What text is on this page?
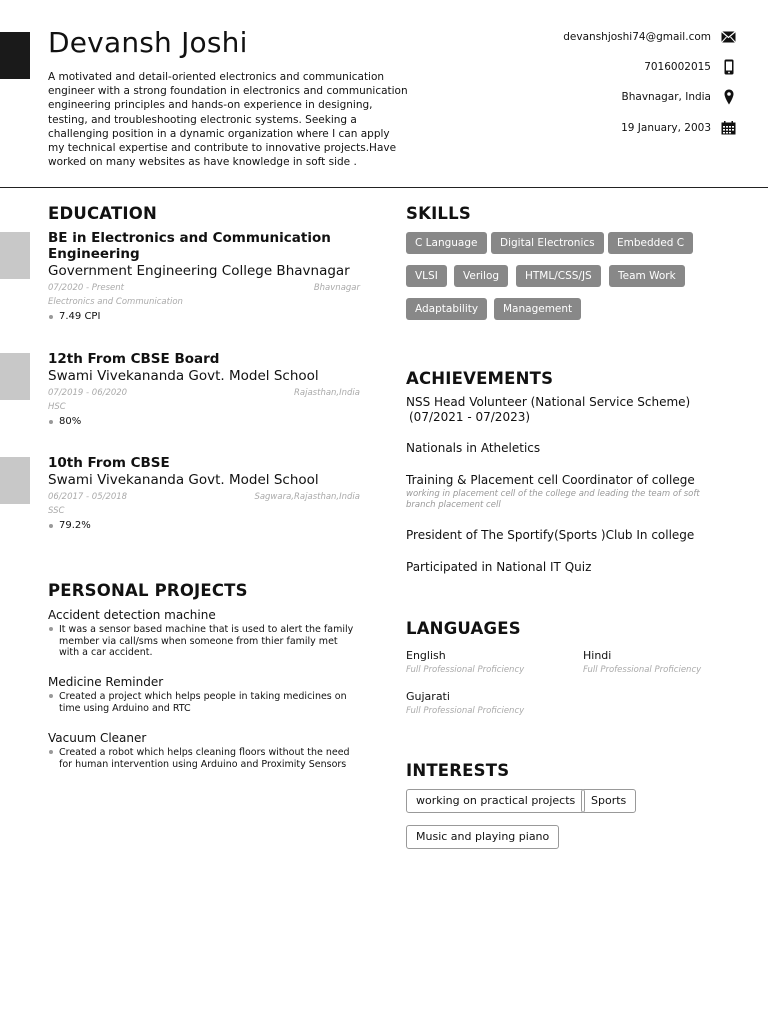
Devansh Joshi
A motivated and detail-oriented electronics and communication engineer with a strong foundation in electronics and communication engineering principles and hands-on experience in designing, testing, and troubleshooting electronic systems. Seeking a challenging position in a dynamic organization where I can apply my technical expertise and contribute to innovative projects.Have worked on many websites as have knowledge in soft side .
devanshjoshi74@gmail.com
7016002015
Bhavnagar, India
19 January, 2003
EDUCATION
BE in Electronics and Communication Engineering
Government Engineering College Bhavnagar
07/2020 - Present	Bhavnagar
Electronics and Communication
7.49 CPI
12th From CBSE Board
Swami Vivekananda Govt. Model School
07/2019 - 06/2020	Rajasthan,India
HSC
80%
10th From CBSE
Swami Vivekananda Govt. Model School
06/2017 - 05/2018	Sagwara,Rajasthan,India
SSC
79.2%
PERSONAL PROJECTS
Accident detection machine
It was a sensor based machine that is used to alert the family member via call/sms when someone from thier family met with a car accident.
Medicine Reminder
Created a project which helps people in taking medicines on time using Arduino and RTC
Vacuum Cleaner
Created a robot which helps cleaning floors without the need for human intervention using Arduino and Proximity Sensors
SKILLS
C Language	Digital Electronics	Embedded C
VLSI	Verilog	HTML/CSS/JS	Team Work
Adaptability	Management
ACHIEVEMENTS
NSS Head Volunteer (National Service Scheme)
(07/2021 - 07/2023)
Nationals in Atheletics
Training & Placement cell Coordinator of college
working in placement cell of the college and leading the team of soft branch placement cell
President of The Sportify(Sports )Club In college
Participated in National IT Quiz
LANGUAGES
English
Full Professional Proficiency
Hindi
Full Professional Proficiency
Gujarati
Full Professional Proficiency
INTERESTS
working on practical projects	Sports
Music and playing piano
